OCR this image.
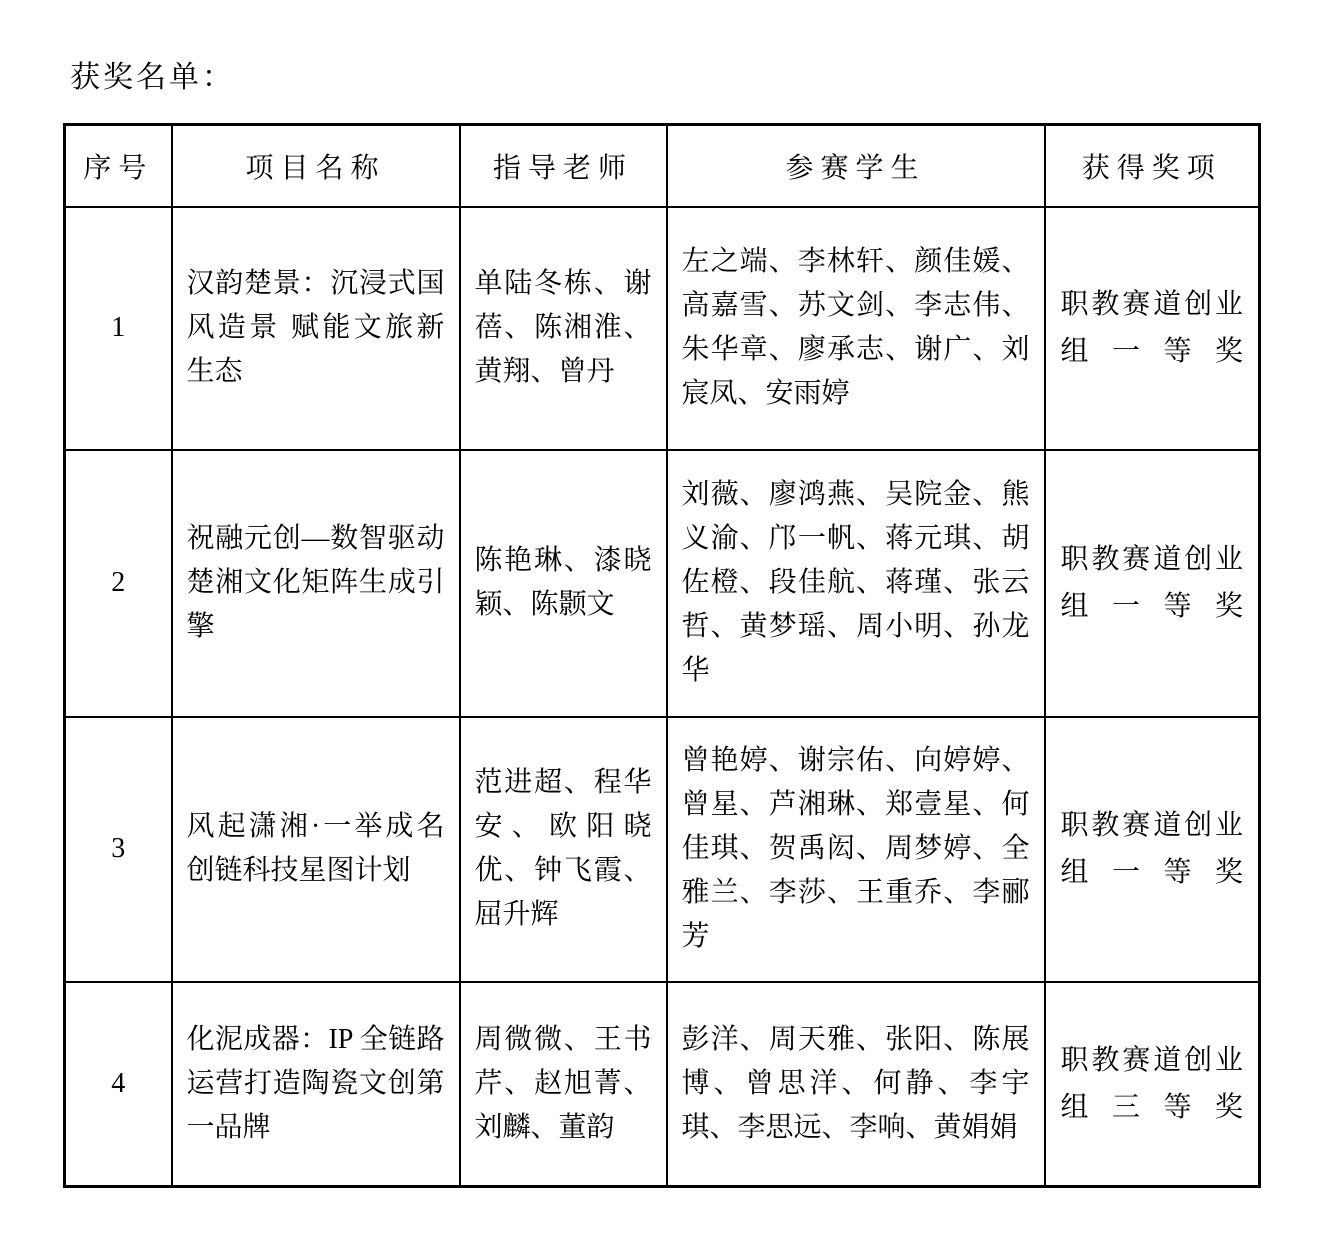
获奖名单：
序号	项目名称	指导老师	参赛学生	获得奖项
1	汉韵楚景：沉浸式国风造景 赋能文旅新生态	单陆冬栋、谢蓓、陈湘淮、黄翔、曾丹	左之端、李林轩、颜佳媛、高嘉雪、苏文剑、李志伟、朱华章、廖承志、谢广、刘宸凤、安雨婷	职教赛道创业组一等奖
2	祝融元创—数智驱动楚湘文化矩阵生成引擎	陈艳琳、漆晓颖、陈颢文	刘薇、廖鸿燕、吴院金、熊义渝、邝一帆、蒋元琪、胡佐橙、段佳航、蒋瑾、张云哲、黄梦瑶、周小明、孙龙华	职教赛道创业组一等奖
3	风起潇湘·一举成名创链科技星图计划	范进超、程华安、欧阳晓优、钟飞霞、屈升辉	曾艳婷、谢宗佑、向婷婷、曾星、芦湘琳、郑壹星、何佳琪、贺禹闳、周梦婷、全雅兰、李莎、王重乔、李郦芳	职教赛道创业组一等奖
4	化泥成器：IP 全链路运营打造陶瓷文创第一品牌	周微微、王书芹、赵旭菁、刘麟、董韵	彭洋、周天雅、张阳、陈展博、曾思洋、何静、李宇琪、李思远、李响、黄娟娟	职教赛道创业组三等奖
